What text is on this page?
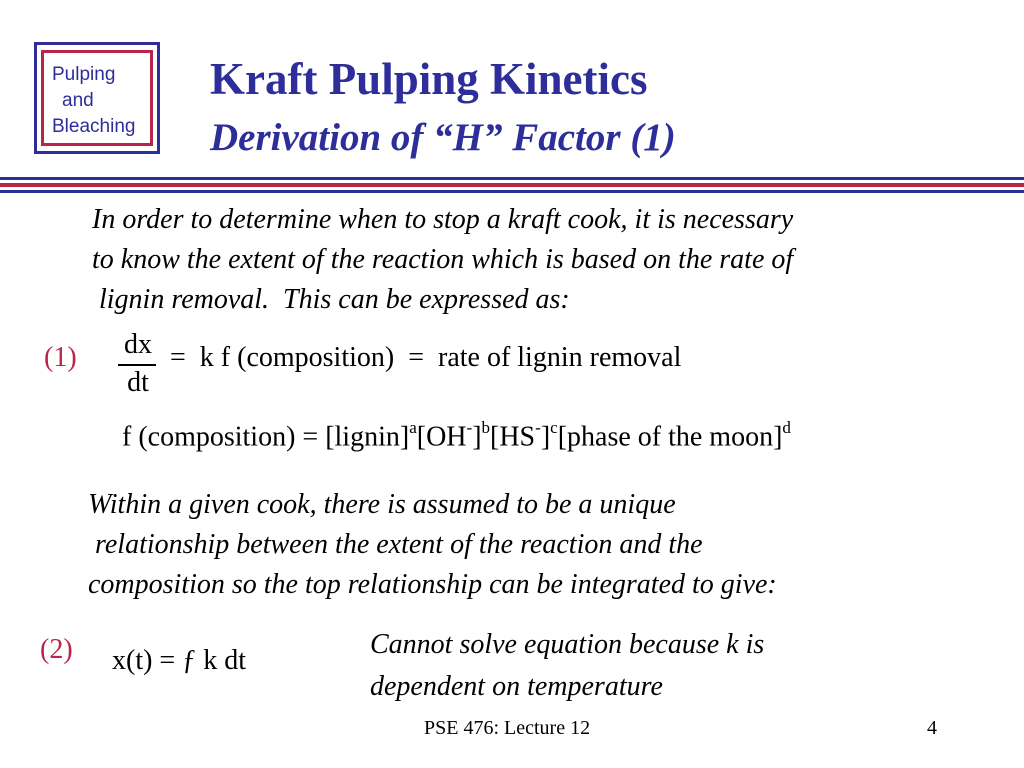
Pulping
and
Bleaching
Kraft Pulping Kinetics
Derivation of “H” Factor (1)
In order to determine when to stop a kraft cook, it is necessary
to know the extent of the reaction which is based on the rate of
lignin removal.  This can be expressed as:
(1) dx
dt
=  k f (composition)  =  rate of lignin removal
f (composition) = $[lignin]^a[OH^-]^b[HS^-]^c[phase$ of the moon]$^d$
Within a given cook, there is assumed to be a unique
relationship between the extent of the reaction and the
composition so the top relationship can be integrated to give:
(2) x(t) = ƒ k dt
Cannot solve equation because k is
dependent on temperature
PSE 476: Lecture 12	4
